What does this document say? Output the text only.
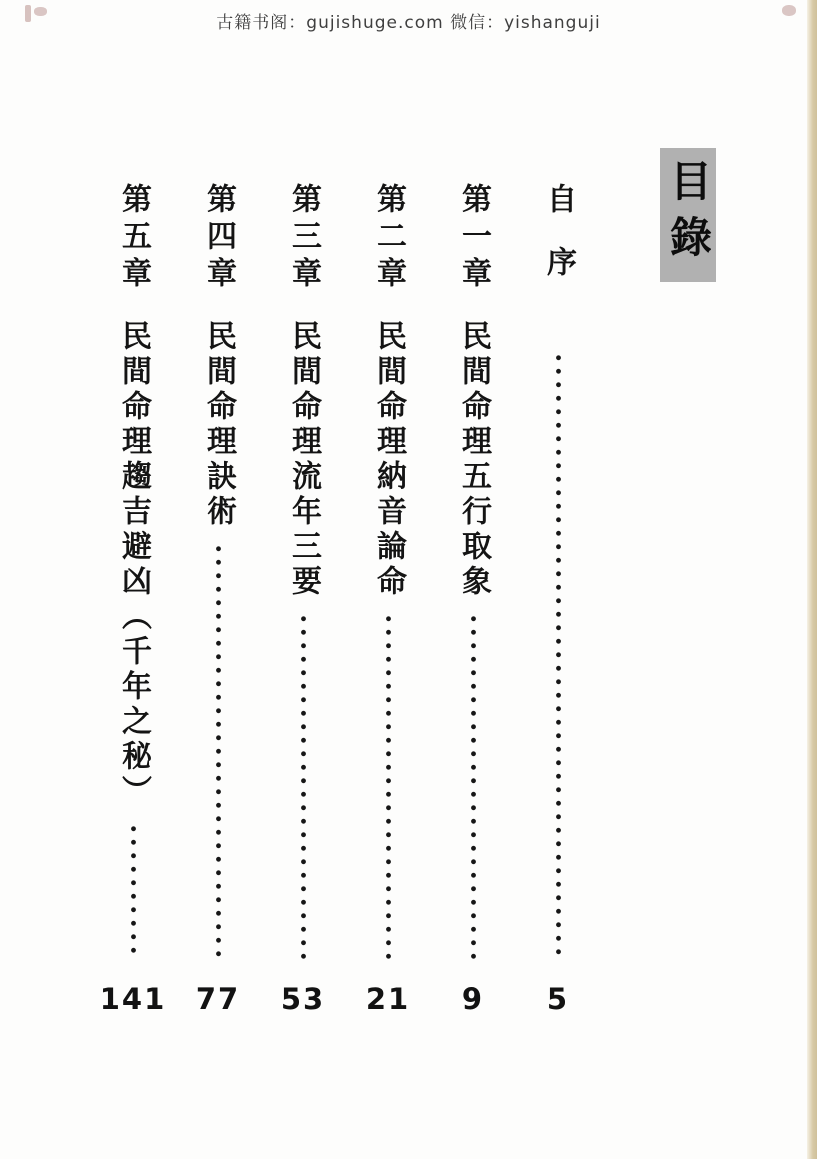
古籍书阁：gujishuge.com 微信：yishanguji
目錄
自序
第一章
民間命理五行取象
第二章
民間命理納音論命
第三章
民間命理流年三要
第四章
民間命理訣術
第五章
民間命理趨吉避凶（千年之秘）
5
9
21
53
77
141
